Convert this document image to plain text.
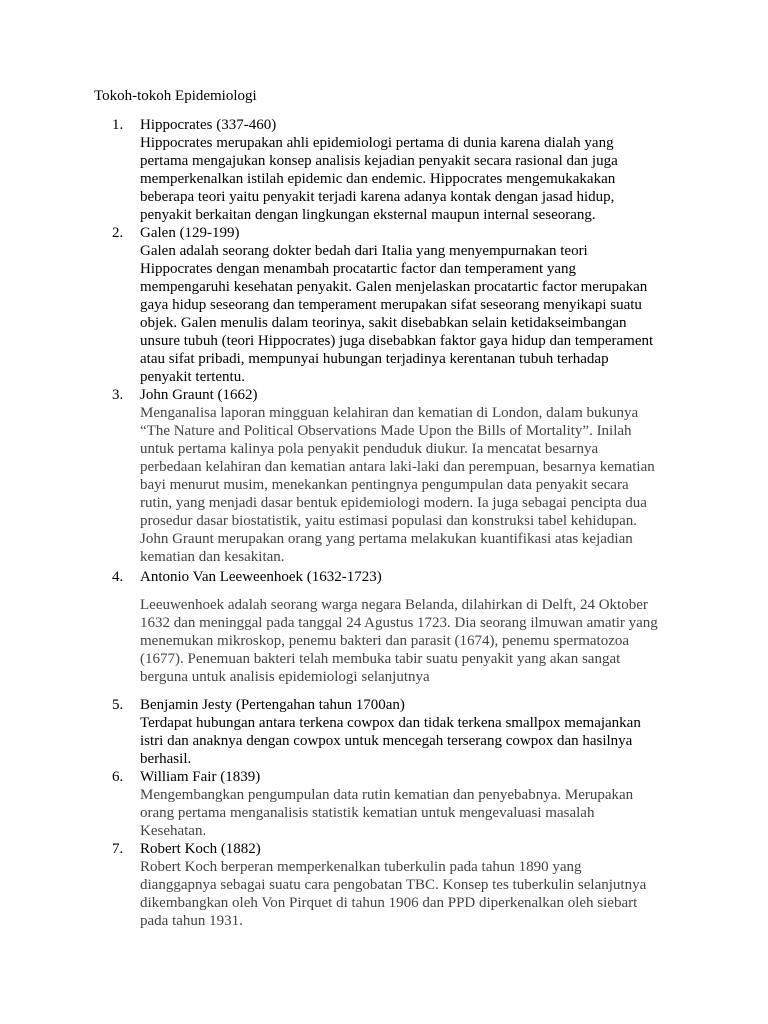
Tokoh-tokoh Epidemiologi
1. Hippocrates (337-460)
Hippocrates merupakan ahli epidemiologi pertama di dunia karena dialah yang
pertama mengajukan konsep analisis kejadian penyakit secara rasional dan juga
memperkenalkan istilah epidemic dan endemic. Hippocrates mengemukakakan
beberapa teori yaitu penyakit terjadi karena adanya kontak dengan jasad hidup,
penyakit berkaitan dengan lingkungan eksternal maupun internal seseorang.
2. Galen (129-199)
Galen adalah seorang dokter bedah dari Italia yang menyempurnakan teori
Hippocrates dengan menambah procatartic factor dan temperament yang
mempengaruhi kesehatan penyakit. Galen menjelaskan procatartic factor merupakan
gaya hidup seseorang dan temperament merupakan sifat seseorang menyikapi suatu
objek. Galen menulis dalam teorinya, sakit disebabkan selain ketidakseimbangan
unsure tubuh (teori Hippocrates) juga disebabkan faktor gaya hidup dan temperament
atau sifat pribadi, mempunyai hubungan terjadinya kerentanan tubuh terhadap
penyakit tertentu.
3. John Graunt (1662)
Menganalisa laporan mingguan kelahiran dan kematian di London, dalam bukunya
“The Nature and Political Observations Made Upon the Bills of Mortality”. Inilah
untuk pertama kalinya pola penyakit penduduk diukur. Ia mencatat besarnya
perbedaan kelahiran dan kematian antara laki-laki dan perempuan, besarnya kematian
bayi menurut musim, menekankan pentingnya pengumpulan data penyakit secara
rutin, yang menjadi dasar bentuk epidemiologi modern. Ia juga sebagai pencipta dua
prosedur dasar biostatistik, yaitu estimasi populasi dan konstruksi tabel kehidupan.
John Graunt merupakan orang yang pertama melakukan kuantifikasi atas kejadian
kematian dan kesakitan.
4. Antonio Van Leeweenhoek (1632-1723)
Leeuwenhoek adalah seorang warga negara Belanda, dilahirkan di Delft, 24 Oktober
1632 dan meninggal pada tanggal 24 Agustus 1723. Dia seorang ilmuwan amatir yang
menemukan mikroskop, penemu bakteri dan parasit (1674), penemu spermatozoa
(1677). Penemuan bakteri telah membuka tabir suatu penyakit yang akan sangat
berguna untuk analisis epidemiologi selanjutnya
5. Benjamin Jesty (Pertengahan tahun 1700an)
Terdapat hubungan antara terkena cowpox dan tidak terkena smallpox memajankan
istri dan anaknya dengan cowpox untuk mencegah terserang cowpox dan hasilnya
berhasil.
6. William Fair (1839)
Mengembangkan pengumpulan data rutin kematian dan penyebabnya. Merupakan
orang pertama menganalisis statistik kematian untuk mengevaluasi masalah
Kesehatan.
7. Robert Koch (1882)
Robert Koch berperan memperkenalkan tuberkulin pada tahun 1890 yang
dianggapnya sebagai suatu cara pengobatan TBC. Konsep tes tuberkulin selanjutnya
dikembangkan oleh Von Pirquet di tahun 1906 dan PPD diperkenalkan oleh siebart
pada tahun 1931.
